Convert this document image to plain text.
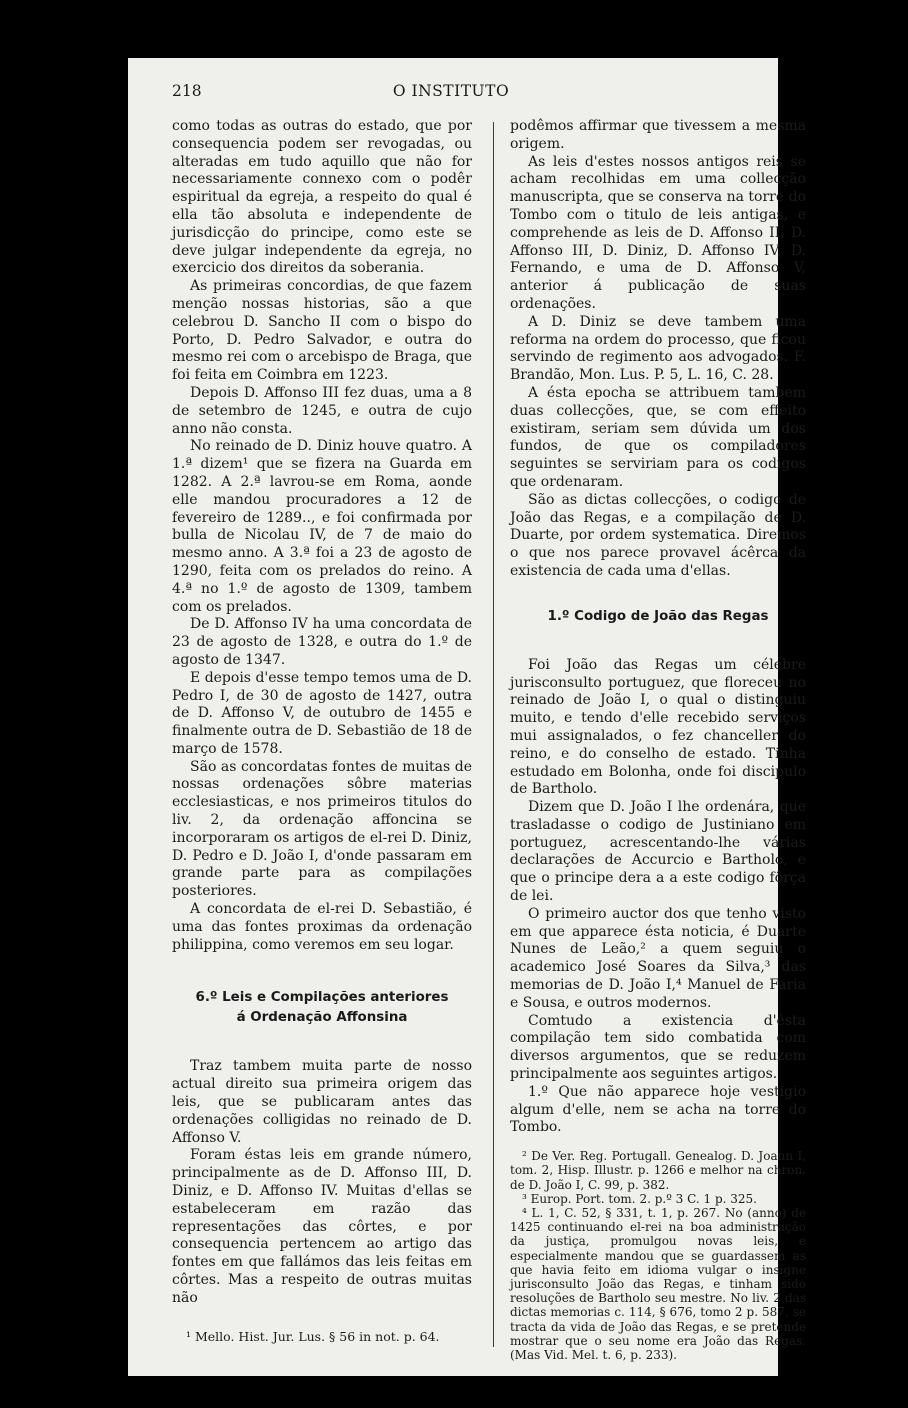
O INSTITUTO
218

como todas as outras do estado, que por consequencia podem ser revogadas, ou alteradas em tudo aquillo que não for necessariamente connexo com o podêr espiritual da egreja, a respeito do qual é ella tão absoluta e independente de jurisdicção do principe, como este se deve julgar independente da egreja, no exercicio dos direitos da soberania.

As primeiras concordias, de que fazem menção nossas historias, são a que celebrou D. Sancho II com o bispo do Porto, D. Pedro Salvador, e outra do mesmo rei com o arcebispo de Braga, que foi feita em Coimbra em 1223.

Depois D. Affonso III fez duas, uma a 8 de setembro de 1245, e outra de cujo anno não consta.

No reinado de D. Diniz houve quatro. A 1.ª dizem¹ que se fizera na Guarda em 1282. A 2.ª lavrou-se em Roma, aonde elle mandou procuradores a 12 de fevereiro de 1289.., e foi confirmada por bulla de Nicolau IV, de 7 de maio do mesmo anno. A 3.ª foi a 23 de agosto de 1290, feita com os prelados do reino. A 4.ª no 1.º de agosto de 1309, tambem com os prelados.

De D. Affonso IV ha uma concordata de 23 de agosto de 1328, e outra do 1.º de agosto de 1347.

E depois d'esse tempo temos uma de D. Pedro I, de 30 de agosto de 1427, outra de D. Affonso V, de outubro de 1455 e finalmente outra de D. Sebastião de 18 de março de 1578.

São as concordatas fontes de muitas de nossas ordenações sôbre materias ecclesiasticas, e nos primeiros titulos do liv. 2, da ordenação affoncina se incorporaram os artigos de el-rei D. Diniz, D. Pedro e D. João I, d'onde passaram em grande parte para as compilações posteriores.

A concordata de el-rei D. Sebastião, é uma das fontes proximas da ordenação philippina, como veremos em seu logar.

6.º Leis e Compilações anteriores
á Ordenação Affonsina

Traz tambem muita parte de nosso actual direito sua primeira origem das leis, que se publicaram antes das ordenações colligidas no reinado de D. Affonso V.

Foram éstas leis em grande número, principalmente as de D. Affonso III, D. Diniz, e D. Affonso IV. Muitas d'ellas se estabeleceram em razão das representações das côrtes, e por consequencia pertencem ao artigo das fontes em que fallámos das leis feitas em côrtes. Mas a respeito de outras muitas não

¹ Mello. Hist. Jur. Lus. § 56 in not. p. 64.

podêmos affirmar que tivessem a mesma origem.

As leis d'estes nossos antigos reis se acham recolhidas em uma collecção manuscripta, que se conserva na torre do Tombo com o titulo de leis antigas, e comprehende as leis de D. Affonso II, D. Affonso III, D. Diniz, D. Affonso IV, D. Fernando, e uma de D. Affonso V, anterior á publicação de suas ordenações.

A D. Diniz se deve tambem uma reforma na ordem do processo, que ficou servindo de regimento aos advogados. F. Brandão, Mon. Lus. P. 5, L. 16, C. 28.

A ésta epocha se attribuem tambem duas collecções, que, se com effeito existiram, seriam sem dúvida um dos fundos, de que os compiladores seguintes se serviriam para os codigos que ordenaram.

São as dictas collecções, o codigo de João das Regas, e a compilação de D. Duarte, por ordem systematica. Diremos o que nos parece provavel ácêrca da existencia de cada uma d'ellas.

1.º Codigo de João das Regas

Foi João das Regas um célebre jurisconsulto portuguez, que floreceu no reinado de João I, o qual o distinguiu muito, e tendo d'elle recebido serviços mui assignalados, o fez chanceller do reino, e do conselho de estado. Tinha estudado em Bolonha, onde foi discipulo de Bartholo.

Dizem que D. João I lhe ordenára, que trasladasse o codigo de Justiniano em portuguez, acrescentando-lhe várias declarações de Accurcio e Bartholo, e que o principe dera a a este codigo fôrça de lei.

O primeiro auctor dos que tenho visto em que apparece ésta noticia, é Duarte Nunes de Leão,² a quem seguiu o academico José Soares da Silva,³ das memorias de D. João I,⁴ Manuel de Faria e Sousa, e outros modernos.

Comtudo a existencia d'ésta compilação tem sido combatida com diversos argumentos, que se reduzem principalmente aos seguintes artigos.

1.º Que não apparece hoje vestigio algum d'elle, nem se acha na torre do Tombo.

² De Ver. Reg. Portugall. Genealog. D. Joann I, tom. 2, Hisp. Illustr. p. 1266 e melhor na chron. de D. João I, C. 99, p. 382.

³ Europ. Port. tom. 2. p.º 3 C. 1 p. 325.

⁴ L. 1, C. 52, § 331, t. 1, p. 267. No (anno) de 1425 continuando el-rei na boa administração da justiça, promulgou novas leis, e especialmente mandou que se guardassem as que havia feito em idioma vulgar o insigne jurisconsulto João das Regas, e tinham sido resoluções de Bartholo seu mestre. No liv. 2 das dictas memorias c. 114, § 676, tomo 2 p. 587, se tracta da vida de João das Regas, e se pretende mostrar que o seu nome era João das Regas. (Mas Vid. Mel. t. 6, p. 233).
